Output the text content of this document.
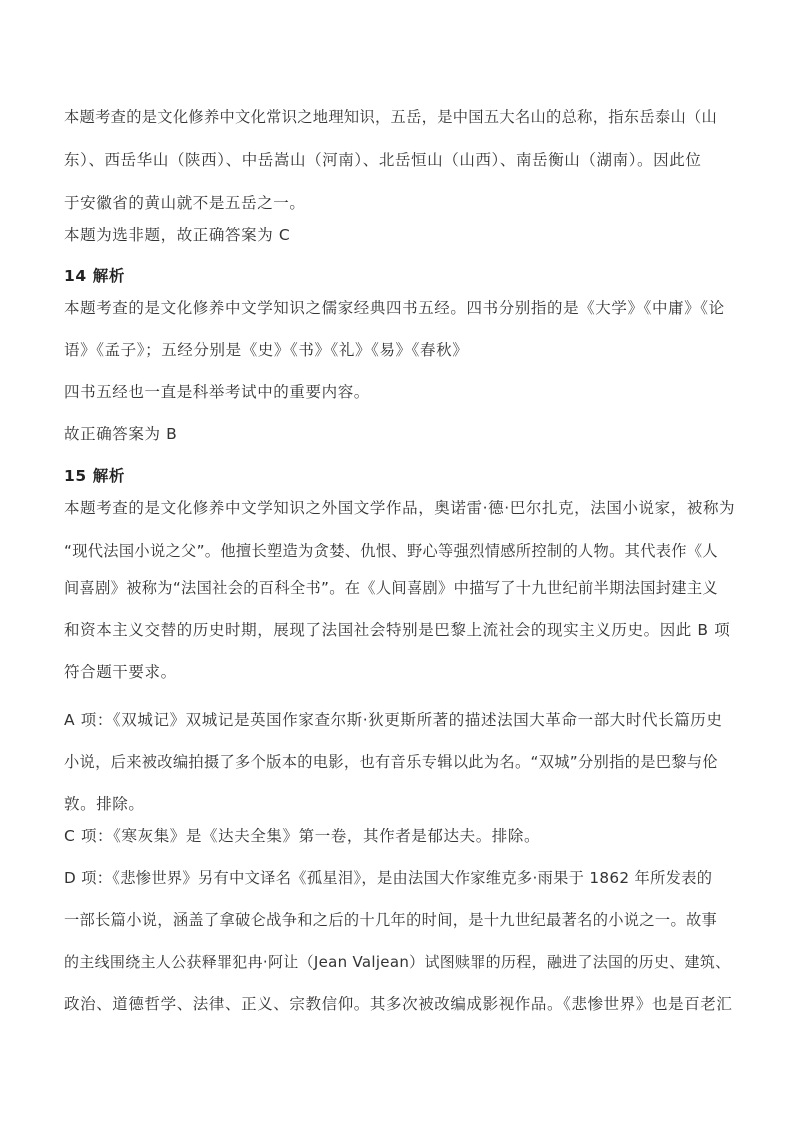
本题考查的是文化修养中文化常识之地理知识，五岳，是中国五大名山的总称，指东岳泰山（山
东）、西岳华山（陕西）、中岳嵩山（河南）、北岳恒山（山西）、南岳衡山（湖南）。因此位
于安徽省的黄山就不是五岳之一。
本题为选非题，故正确答案为 C
14 解析
本题考查的是文化修养中文学知识之儒家经典四书五经。四书分别指的是《大学》《中庸》《论
语》《孟子》；五经分别是《史》《书》《礼》《易》《春秋》
四书五经也一直是科举考试中的重要内容。
故正确答案为 B
15 解析
本题考查的是文化修养中文学知识之外国文学作品，奥诺雷·德·巴尔扎克，法国小说家，被称为
“现代法国小说之父”。他擅长塑造为贪婪、仇恨、野心等强烈情感所控制的人物。其代表作《人
间喜剧》被称为“法国社会的百科全书”。在《人间喜剧》中描写了十九世纪前半期法国封建主义
和资本主义交替的历史时期，展现了法国社会特别是巴黎上流社会的现实主义历史。因此 B 项
符合题干要求。
A 项：《双城记》双城记是英国作家查尔斯·狄更斯所著的描述法国大革命一部大时代长篇历史
小说，后来被改编拍摄了多个版本的电影，也有音乐专辑以此为名。“双城”分别指的是巴黎与伦
敦。排除。
C 项：《寒灰集》是《达夫全集》第一卷，其作者是郁达夫。排除。
D 项：《悲惨世界》另有中文译名《孤星泪》，是由法国大作家维克多·雨果于 1862 年所发表的
一部长篇小说，涵盖了拿破仑战争和之后的十几年的时间，是十九世纪最著名的小说之一。故事
的主线围绕主人公获释罪犯冉·阿让（Jean Valjean）试图赎罪的历程，融进了法国的历史、建筑、
政治、道德哲学、法律、正义、宗教信仰。其多次被改编成影视作品。《悲惨世界》也是百老汇
